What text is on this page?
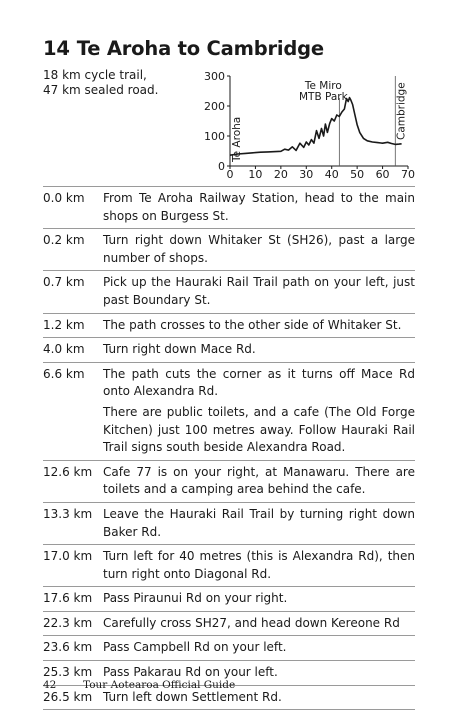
14 Te Aroha to Cambridge
18 km cycle trail,
47 km sealed road.
0 10 20 30 40 50 60 70
0
100
200
300
Te Aroha
Te Miro
MTB Park	Cambridge
0.0 km From Te Aroha Railway Station, head to the main shops on Burgess St.
0.2 km Turn right down Whitaker St (SH26), past a large number of shops.
0.7 km Pick up the Hauraki Rail Trail path on your left, just past Boundary St.
1.2 km The path crosses to the other side of Whitaker St.
4.0 km Turn right down Mace Rd.
6.6 km The path cuts the corner as it turns off Mace Rd onto Alexandra Rd.
There are public toilets, and a cafe (The Old Forge Kitchen) just 100 metres away. Follow Hauraki Rail Trail signs south beside Alexandra Road.
12.6 km Cafe 77 is on your right, at Manawaru. There are toilets and a camping area behind the cafe.
13.3 km Leave the Hauraki Rail Trail by turning right down Baker Rd.
17.0 km Turn left for 40 metres (this is Alexandra Rd), then turn right onto Diagonal Rd.
17.6 km Pass Piraunui Rd on your right.
22.3 km Carefully cross SH27, and head down Kereone Rd
23.6 km Pass Campbell Rd on your left.
25.3 km Pass Pakarau Rd on your left.
26.5 km Turn left down Settlement Rd.
42	Tour Aotearoa Official Guide
